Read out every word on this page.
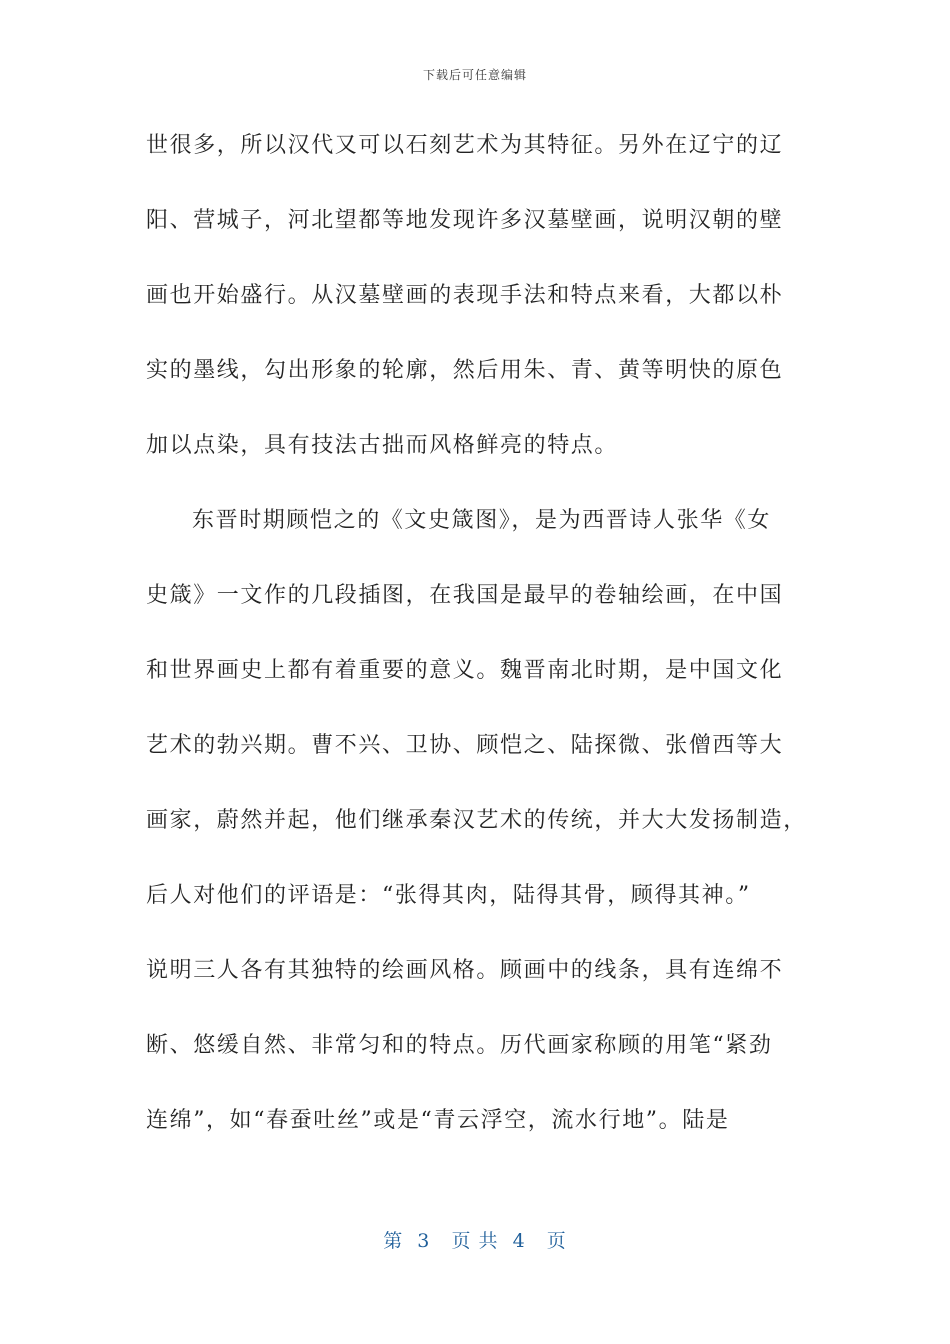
下载后可任意编辑
世很多，所以汉代又可以石刻艺术为其特征。另外在辽宁的辽
阳、营城子，河北望都等地发现许多汉墓壁画，说明汉朝的壁
画也开始盛行。从汉墓壁画的表现手法和特点来看，大都以朴
实的墨线，勾出形象的轮廓，然后用朱、青、黄等明快的原色
加以点染，具有技法古拙而风格鲜亮的特点。
东晋时期顾恺之的《文史箴图》，是为西晋诗人张华《女
史箴》一文作的几段插图，在我国是最早的卷轴绘画，在中国
和世界画史上都有着重要的意义。魏晋南北时期，是中国文化
艺术的勃兴期。曹不兴、卫协、顾恺之、陆探微、张僧西等大
画家，蔚然并起，他们继承秦汉艺术的传统，并大大发扬制造，
后人对他们的评语是：“张得其肉，陆得其骨，顾得其神。”
说明三人各有其独特的绘画风格。顾画中的线条，具有连绵不
断、悠缓自然、非常匀和的特点。历代画家称顾的用笔“紧劲
连绵”，如“春蚕吐丝”或是“青云浮空，流水行地”。陆是
第  3   页 共  4   页
